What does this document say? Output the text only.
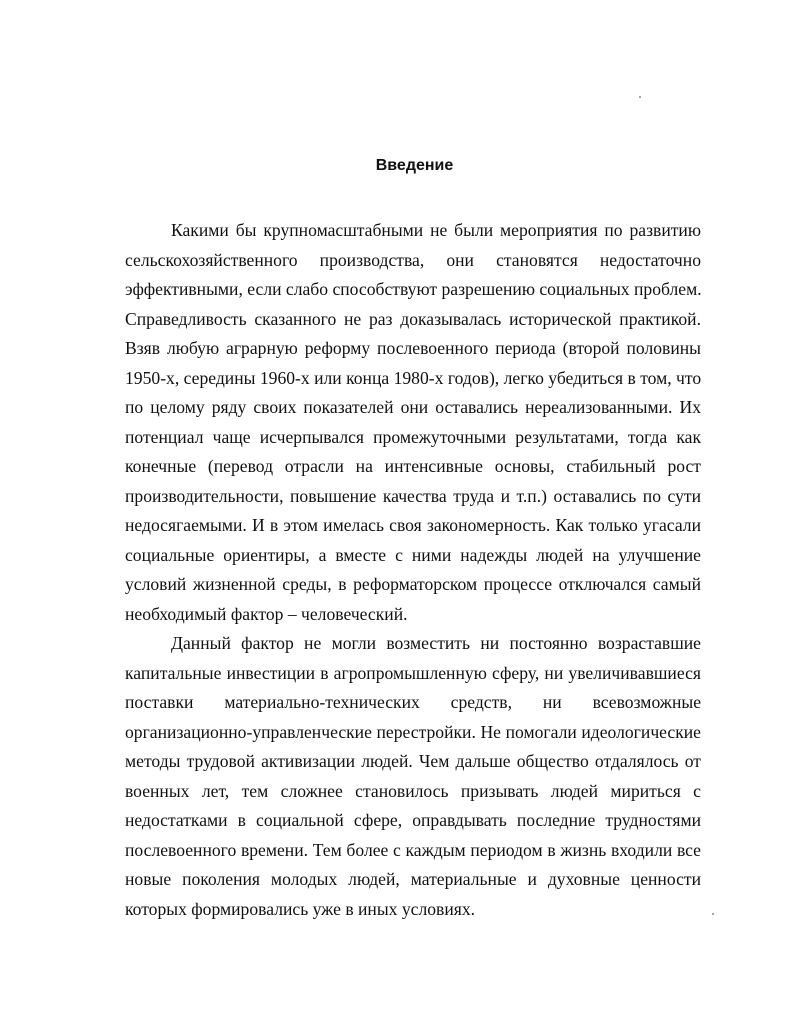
Введение
Какими бы крупномасштабными не были мероприятия по развитию
сельскохозяйственного производства, они становятся недостаточно
эффективными, если слабо способствуют разрешению социальных проблем.
Справедливость сказанного не раз доказывалась исторической практикой.
Взяв любую аграрную реформу послевоенного периода (второй половины
1950-х, середины 1960-х или конца 1980-х годов), легко убедиться в том, что
по целому ряду своих показателей они оставались нереализованными. Их
потенциал чаще исчерпывался промежуточными результатами, тогда как
конечные (перевод отрасли на интенсивные основы, стабильный рост
производительности, повышение качества труда и т.п.) оставались по сути
недосягаемыми. И в этом имелась своя закономерность. Как только угасали
социальные ориентиры, а вместе с ними надежды людей на улучшение
условий жизненной среды, в реформаторском процессе отключался самый
необходимый фактор – человеческий.
Данный фактор не могли возместить ни постоянно возраставшие
капитальные инвестиции в агропромышленную сферу, ни увеличивавшиеся
поставки материально-технических средств, ни всевозможные
организационно-управленческие перестройки. Не помогали идеологические
методы трудовой активизации людей. Чем дальше общество отдалялось от
военных лет, тем сложнее становилось призывать людей мириться с
недостатками в социальной сфере, оправдывать последние трудностями
послевоенного времени. Тем более с каждым периодом в жизнь входили все
новые поколения молодых людей, материальные и духовные ценности
которых формировались уже в иных условиях.
